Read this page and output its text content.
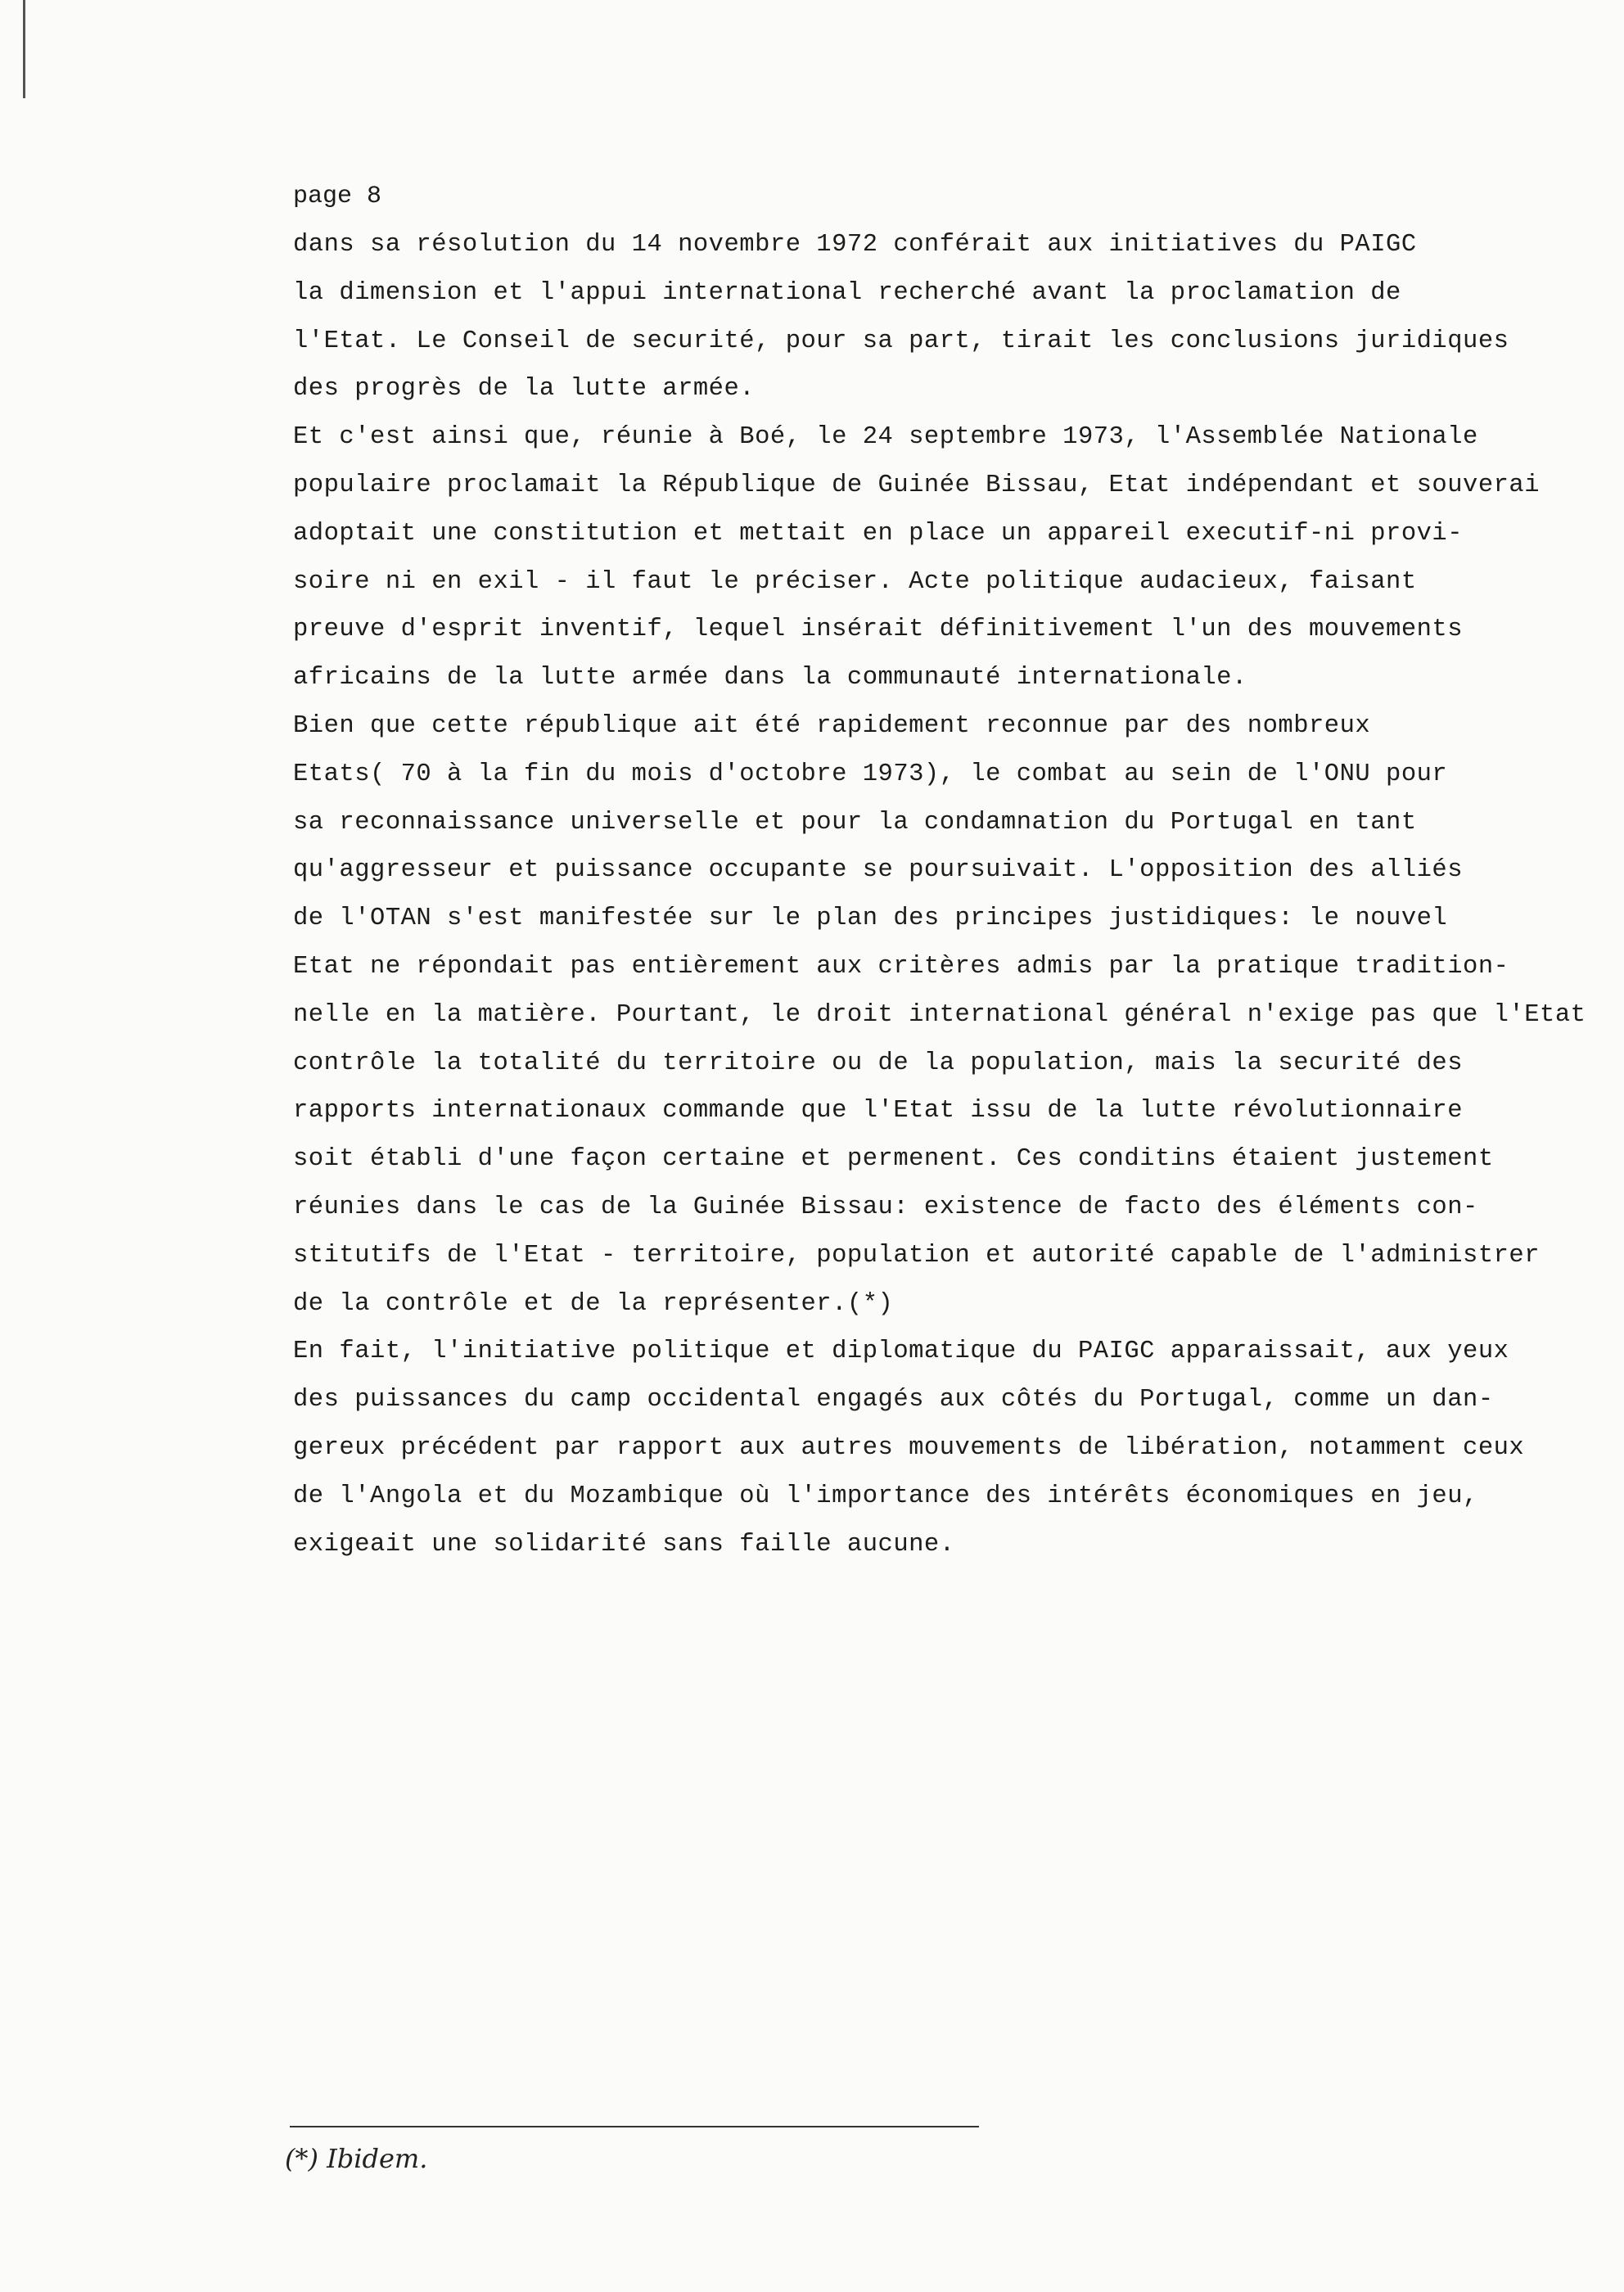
page 8
dans sa résolution du 14 novembre 1972 conférait aux initiatives du PAIGC
la dimension et l'appui international recherché avant la proclamation de
l'Etat. Le Conseil de securité, pour sa part, tirait les conclusions juridiques
des progrès de la lutte armée.
Et c'est ainsi que, réunie à Boé, le 24 septembre 1973, l'Assemblée Nationale
populaire proclamait la République de Guinée Bissau, Etat indépendant et souverai
adoptait une constitution et mettait en place un appareil executif-ni provi-
soire ni en exil - il faut le préciser. Acte politique audacieux, faisant
preuve d'esprit inventif, lequel insérait définitivement l'un des mouvements
africains de la lutte armée dans la communauté internationale.
Bien que cette république ait été rapidement reconnue par des nombreux
Etats( 70 à la fin du mois d'octobre 1973), le combat au sein de l'ONU pour
sa reconnaissance universelle et pour la condamnation du Portugal en tant
qu'aggresseur et puissance occupante se poursuivait. L'opposition des alliés
de l'OTAN s'est manifestée sur le plan des principes justidiques: le nouvel
Etat ne répondait pas entièrement aux critères admis par la pratique tradition-
nelle en la matière. Pourtant, le droit international général n'exige pas que l'Etat
contrôle la totalité du territoire ou de la population, mais la securité des
rapports internationaux commande que l'Etat issu de la lutte révolutionnaire
soit établi d'une façon certaine et permenent. Ces conditins étaient justement
réunies dans le cas de la Guinée Bissau: existence de facto des éléments con-
stitutifs de l'Etat - territoire, population et autorité capable de l'administrer
de la contrôle et de la représenter.(*)
En fait, l'initiative politique et diplomatique du PAIGC apparaissait, aux yeux
des puissances du camp occidental engagés aux côtés du Portugal, comme un dan-
gereux précédent par rapport aux autres mouvements de libération, notamment ceux
de l'Angola et du Mozambique où l'importance des intérêts économiques en jeu,
exigeait une solidarité sans faille aucune.
(*) Ibidem.
